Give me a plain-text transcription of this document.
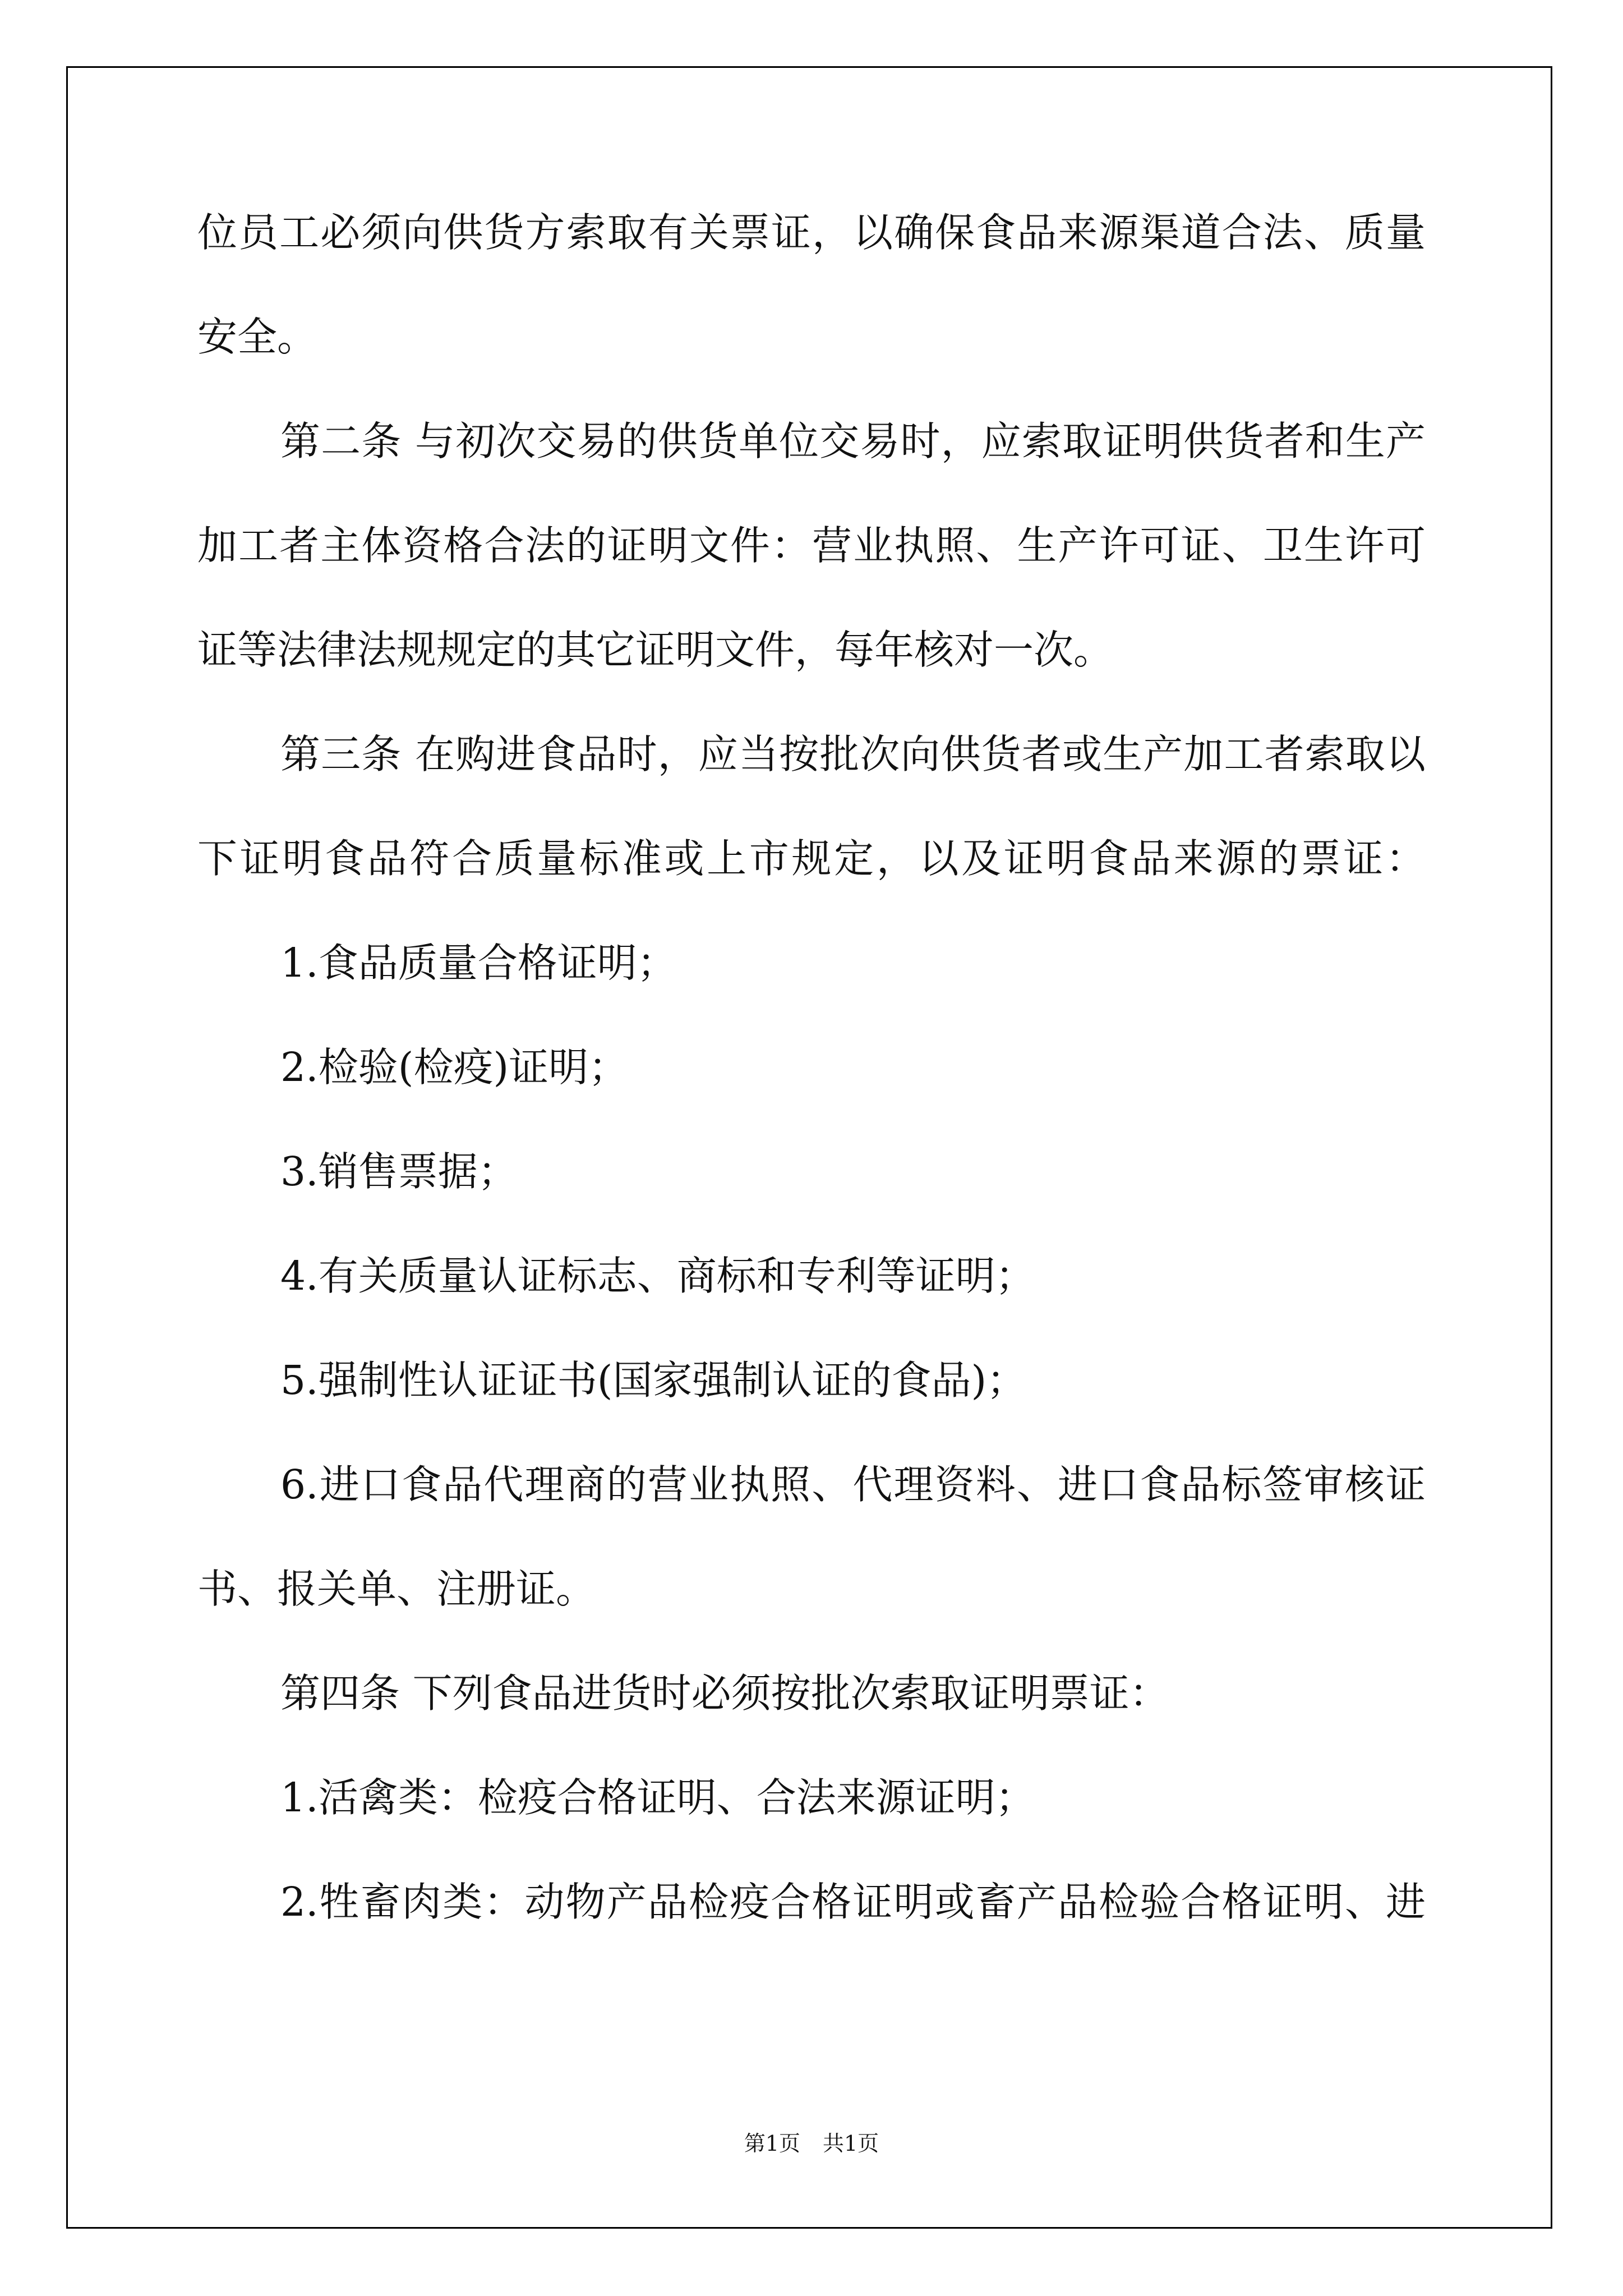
位员工必须向供货方索取有关票证，以确保食品来源渠道合法、质量
安全。
第二条 与初次交易的供货单位交易时，应索取证明供货者和生产
加工者主体资格合法的证明文件：营业执照、生产许可证、卫生许可
证等法律法规规定的其它证明文件，每年核对一次。
第三条 在购进食品时，应当按批次向供货者或生产加工者索取以
下证明食品符合质量标准或上市规定，以及证明食品来源的票证：
1.食品质量合格证明；
2.检验(检疫)证明；
3.销售票据；
4.有关质量认证标志、商标和专利等证明；
5.强制性认证证书(国家强制认证的食品)；
6.进口食品代理商的营业执照、代理资料、进口食品标签审核证
书、报关单、注册证。
第四条 下列食品进货时必须按批次索取证明票证：
1.活禽类：检疫合格证明、合法来源证明；
2.牲畜肉类：动物产品检疫合格证明或畜产品检验合格证明、进
第1页 共1页
